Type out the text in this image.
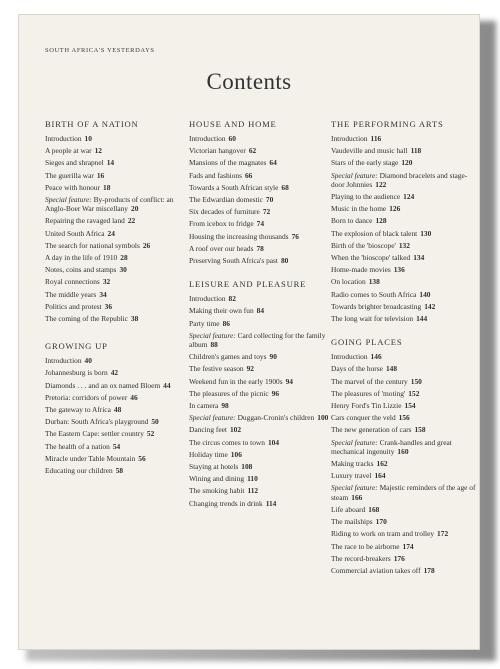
SOUTH AFRICA'S YESTERDAYS
Contents
BIRTH OF A NATION
Introduction 10
A people at war 12
Sieges and shrapnel 14
The guerilla war 16
Peace with honour 18
Special feature: By-products of conflict: an Anglo-Boer War miscellany 20
Repairing the ravaged land 22
United South Africa 24
The search for national symbols 26
A day in the life of 1910 28
Notes, coins and stamps 30
Royal connections 32
The middle years 34
Politics and protest 36
The coming of the Republic 38
GROWING UP
Introduction 40
Johannesburg is born 42
Diamonds . . . and an ox named Bloem 44
Pretoria: corridors of power 46
The gateway to Africa 48
Durban: South Africa's playground 50
The Eastern Cape: settler country 52
The health of a nation 54
Miracle under Table Mountain 56
Educating our children 58
HOUSE AND HOME
Introduction 60
Victorian hangover 62
Mansions of the magnates 64
Fads and fashions 66
Towards a South African style 68
The Edwardian domestic 70
Six decades of furniture 72
From icebox to fridge 74
Housing the increasing thousands 76
A roof over our heads 78
Preserving South Africa's past 80
LEISURE AND PLEASURE
Introduction 82
Making their own fun 84
Party time 86
Special feature: Card collecting for the family album 88
Children's games and toys 90
The festive season 92
Weekend fun in the early 1900s 94
The pleasures of the picnic 96
In camera 98
Special feature: Duggan-Cronin's children 100
Dancing feet 102
The circus comes to town 104
Holiday time 106
Staying at hotels 108
Wining and dining 110
The smoking habit 112
Changing trends in drink 114
THE PERFORMING ARTS
Introduction 116
Vaudeville and music hall 118
Stars of the early stage 120
Special feature: Diamond bracelets and stage-door Johnnies 122
Playing to the audience 124
Music in the home 126
Born to dance 128
The explosion of black talent 130
Birth of the 'bioscope' 132
When the 'bioscope' talked 134
Home-made movies 136
On location 138
Radio comes to South Africa 140
Towards brighter broadcasting 142
The long wait for television 144
GOING PLACES
Introduction 146
Days of the horse 148
The marvel of the century 150
The pleasures of 'moting' 152
Henry Ford's Tin Lizzie 154
Cars conquer the veld 156
The new generation of cars 158
Special feature: Crank-handles and great mechanical ingenuity 160
Making tracks 162
Luxury travel 164
Special feature: Majestic reminders of the age of steam 166
Life aboard 168
The mailships 170
Riding to work on tram and trolley 172
The race to be airborne 174
The record-breakers 176
Commercial aviation takes off 178
